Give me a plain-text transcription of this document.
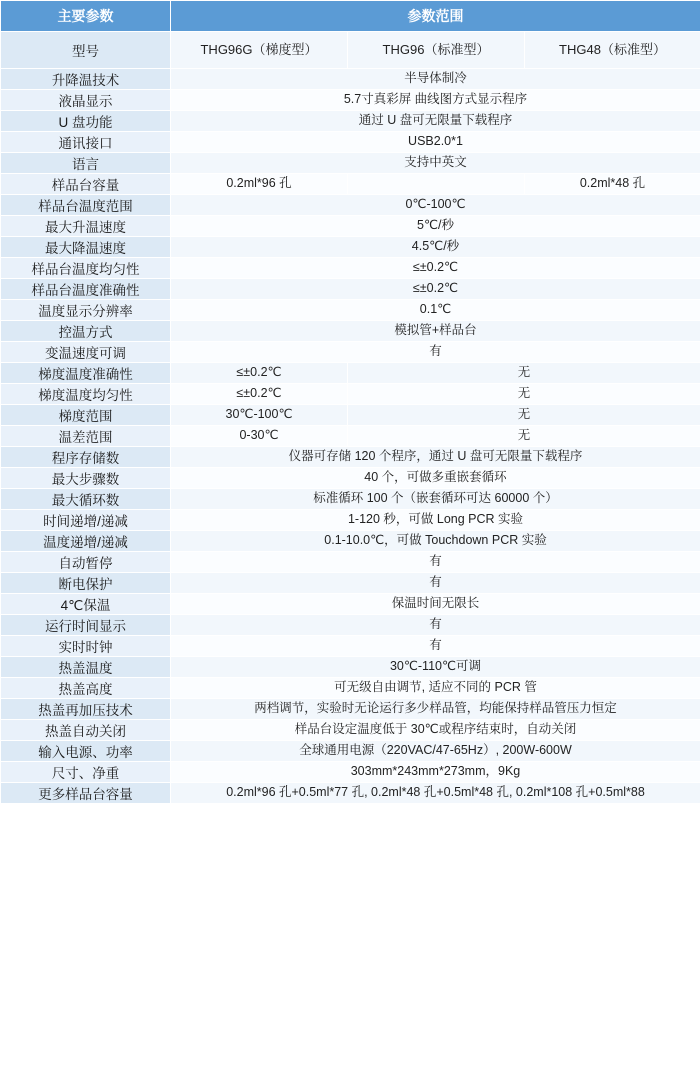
主要参数	参数范围		
型号	THG96G（梯度型）	THG96（标准型）	THG48（标准型）
升降温技术	半导体制冷		
液晶显示	5.7寸真彩屏 曲线图方式显示程序		
U 盘功能	通过 U 盘可无限量下载程序		
通讯接口	USB2.0*1		
语言	支持中英文		
样品台容量	0.2ml*96 孔		0.2ml*48 孔
样品台温度范围	0℃-100℃		
最大升温速度	5℃/秒		
最大降温速度	4.5℃/秒		
样品台温度均匀性	≤±0.2℃		
样品台温度准确性	≤±0.2℃		
温度显示分辨率	0.1℃		
控温方式	模拟管+样品台		
变温速度可调	有		
梯度温度准确性	≤±0.2℃	无	
梯度温度均匀性	≤±0.2℃	无	
梯度范围	30℃-100℃	无	
温差范围	0-30℃	无	
程序存储数	仪器可存储 120 个程序，通过 U 盘可无限量下载程序		
最大步骤数	40 个，可做多重嵌套循环		
最大循环数	标准循环 100 个（嵌套循环可达 60000 个）		
时间递增/递减	1-120 秒，可做 Long PCR 实验		
温度递增/递减	0.1-10.0℃，可做 Touchdown PCR 实验		
自动暂停	有		
断电保护	有		
4℃保温	保温时间无限长		
运行时间显示	有		
实时时钟	有		
热盖温度	30℃-110℃可调		
热盖高度	可无级自由调节, 适应不同的 PCR 管		
热盖再加压技术	两档调节，实验时无论运行多少样品管，均能保持样品管压力恒定		
热盖自动关闭	样品台设定温度低于 30℃或程序结束时，自动关闭		
输入电源、功率	全球通用电源（220VAC/47-65Hz）, 200W-600W		
尺寸、净重	303mm*243mm*273mm，9Kg		
更多样品台容量	0.2ml*96 孔+0.5ml*77 孔, 0.2ml*48 孔+0.5ml*48 孔, 0.2ml*108 孔+0.5ml*88		
